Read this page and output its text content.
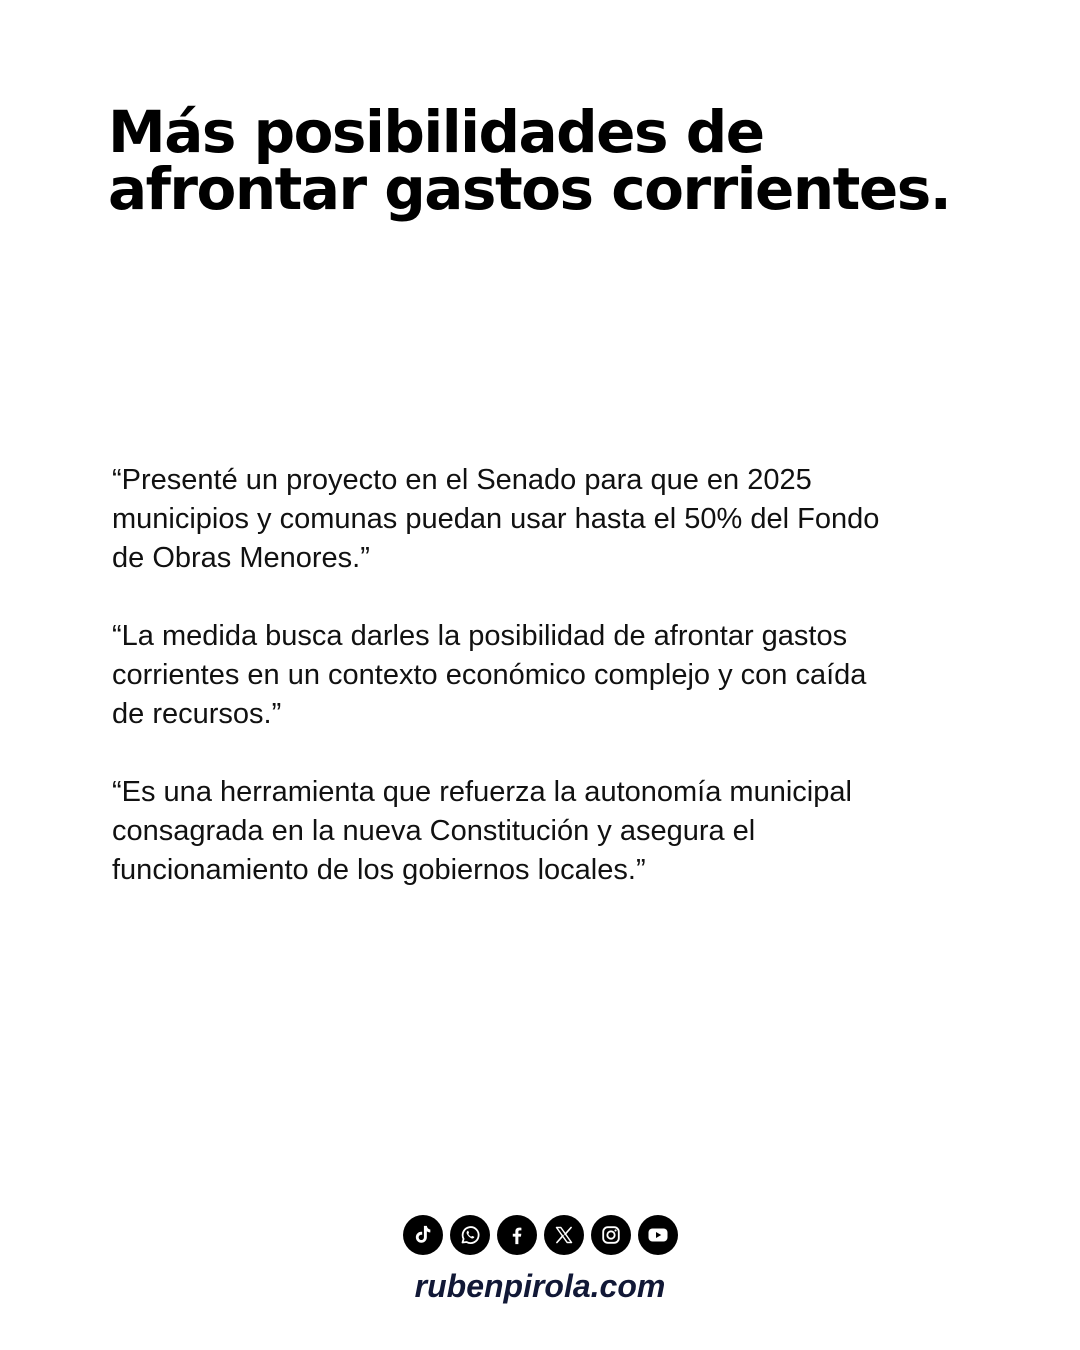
Más posibilidades de
afrontar gastos corrientes.

“Presenté un proyecto en el Senado para que en 2025
municipios y comunas puedan usar hasta el 50% del Fondo
de Obras Menores.”

“La medida busca darles la posibilidad de afrontar gastos
corrientes en un contexto económico complejo y con caída
de recursos.”

“Es una herramienta que refuerza la autonomía municipal
consagrada en la nueva Constitución y asegura el
funcionamiento de los gobiernos locales.”

rubenpirola.com
